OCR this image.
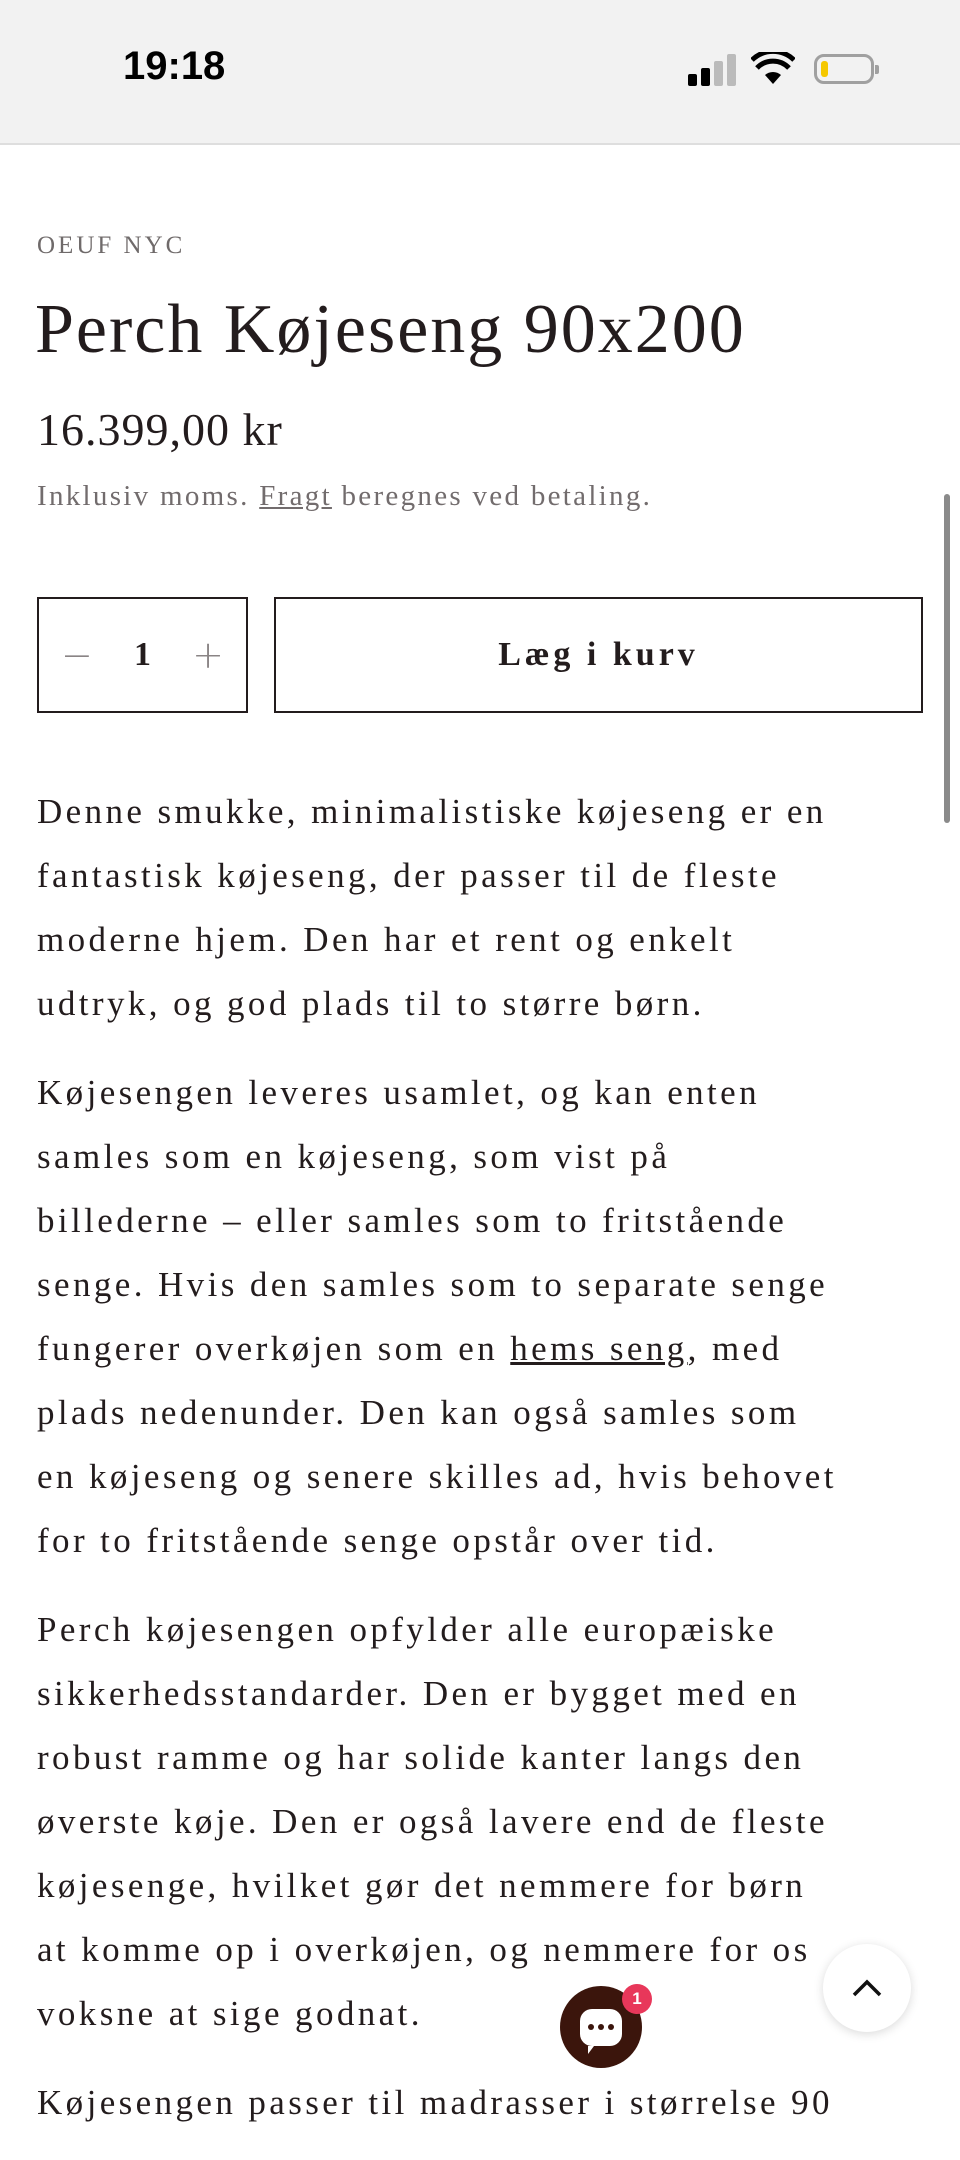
19:18
OEUF NYC
Perch Køjeseng 90x200
16.399,00 kr
Inklusiv moms. Fragt beregnes ved betaling.
− 1 +	Læg i kurv

Denne smukke, minimalistiske køjeseng er en
fantastisk køjeseng, der passer til de fleste
moderne hjem. Den har et rent og enkelt
udtryk, og god plads til to større børn.

Køjesengen leveres usamlet, og kan enten
samles som en køjeseng, som vist på
billederne – eller samles som to fritstående
senge. Hvis den samles som to separate senge
fungerer overkøjen som en hems seng, med
plads nedenunder. Den kan også samles som
en køjeseng og senere skilles ad, hvis behovet
for to fritstående senge opstår over tid.

Perch køjesengen opfylder alle europæiske
sikkerhedsstandarder. Den er bygget med en
robust ramme og har solide kanter langs den
øverste køje. Den er også lavere end de fleste
køjesenge, hvilket gør det nemmere for børn
at komme op i overkøjen, og nemmere for os
voksne at sige godnat.

Køjesengen passer til madrasser i størrelse 90

1
